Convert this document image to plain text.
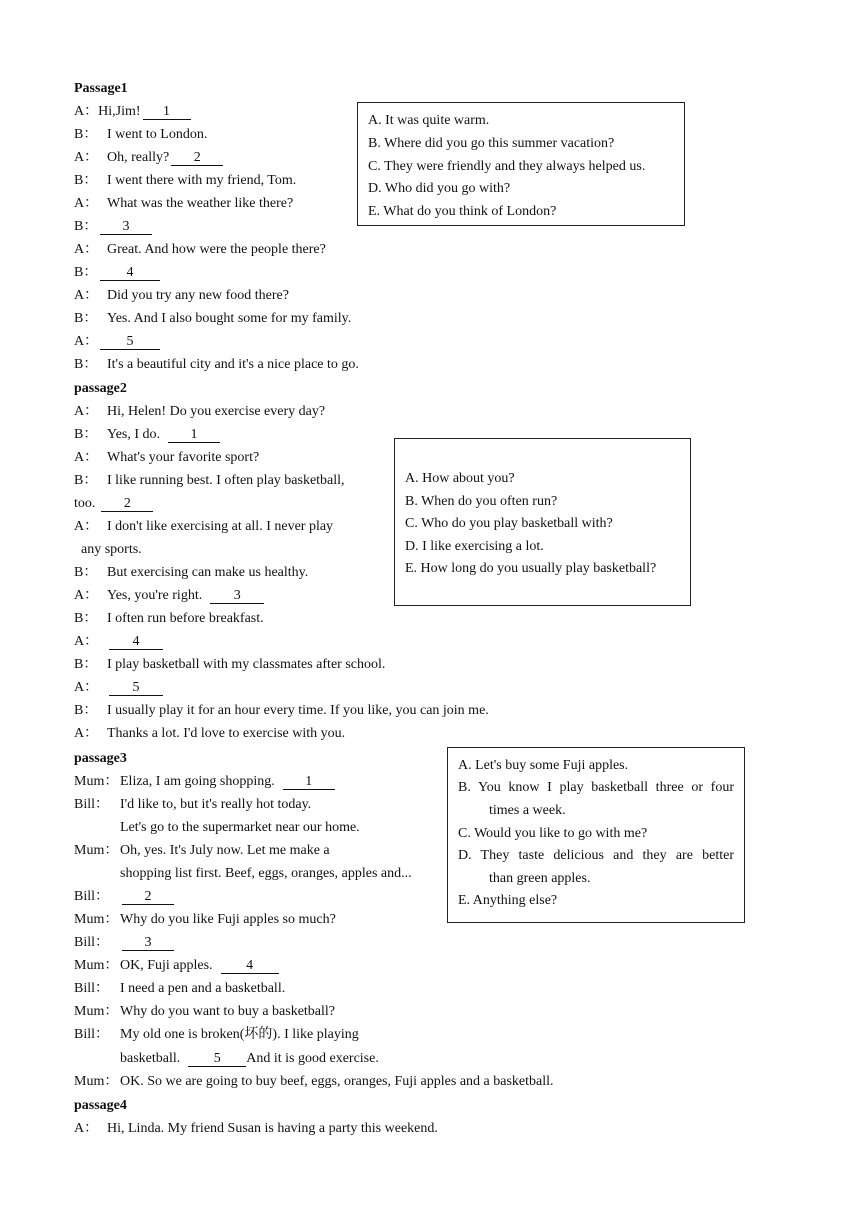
Passage1
A：Hi,Jim! 1
B： I went to London.
A： Oh, really? 2
B： I went there with my friend, Tom.
A： What was the weather like there?
B： 3
A： Great. And how were the people there?
B： 4
A： Did you try any new food there?
B： Yes. And I also bought some for my family.
A： 5
B： It's a beautiful city and it's a nice place to go.
A. It was quite warm.
B. Where did you go this summer vacation?
C. They were friendly and they always helped us.
D. Who did you go with?
E. What do you think of London?
passage2
A： Hi, Helen! Do you exercise every day?
B： Yes, I do. 1
A： What's your favorite sport?
B： I like running best. I often play basketball,
too. 2
A： I don't like exercising at all. I never play
any sports.
B： But exercising can make us healthy.
A： Yes, you're right. 3
B： I often run before breakfast.
A： 4
B： I play basketball with my classmates after school.
A： 5
B： I usually play it for an hour every time. If you like, you can join me.
A： Thanks a lot. I'd love to exercise with you.
A. How about you?
B. When do you often run?
C. Who do you play basketball with?
D. I like exercising a lot.
E. How long do you usually play basketball?
passage3
Mum： Eliza, I am going shopping. 1
Bill： I'd like to, but it's really hot today.
Let's go to the supermarket near our home.
Mum： Oh, yes. It's July now. Let me make a
shopping list first. Beef, eggs, oranges, apples and...
Bill：	2
Mum： Why do you like Fuji apples so much?
Bill：	3
Mum： OK, Fuji apples. 4
Bill： I need a pen and a basketball.
Mum： Why do you want to buy a basketball?
Bill： My old one is broken(坏的). I like playing
basketball. 5 And it is good exercise.
Mum： OK. So we are going to buy beef, eggs, oranges, Fuji apples and a basketball.
A. Let's buy some Fuji apples.
B. You know I play basketball three or four
times a week.
C. Would you like to go with me?
D. They taste delicious and they are better
than green apples.
E. Anything else?
passage4
A： Hi, Linda. My friend Susan is having a party this weekend.
